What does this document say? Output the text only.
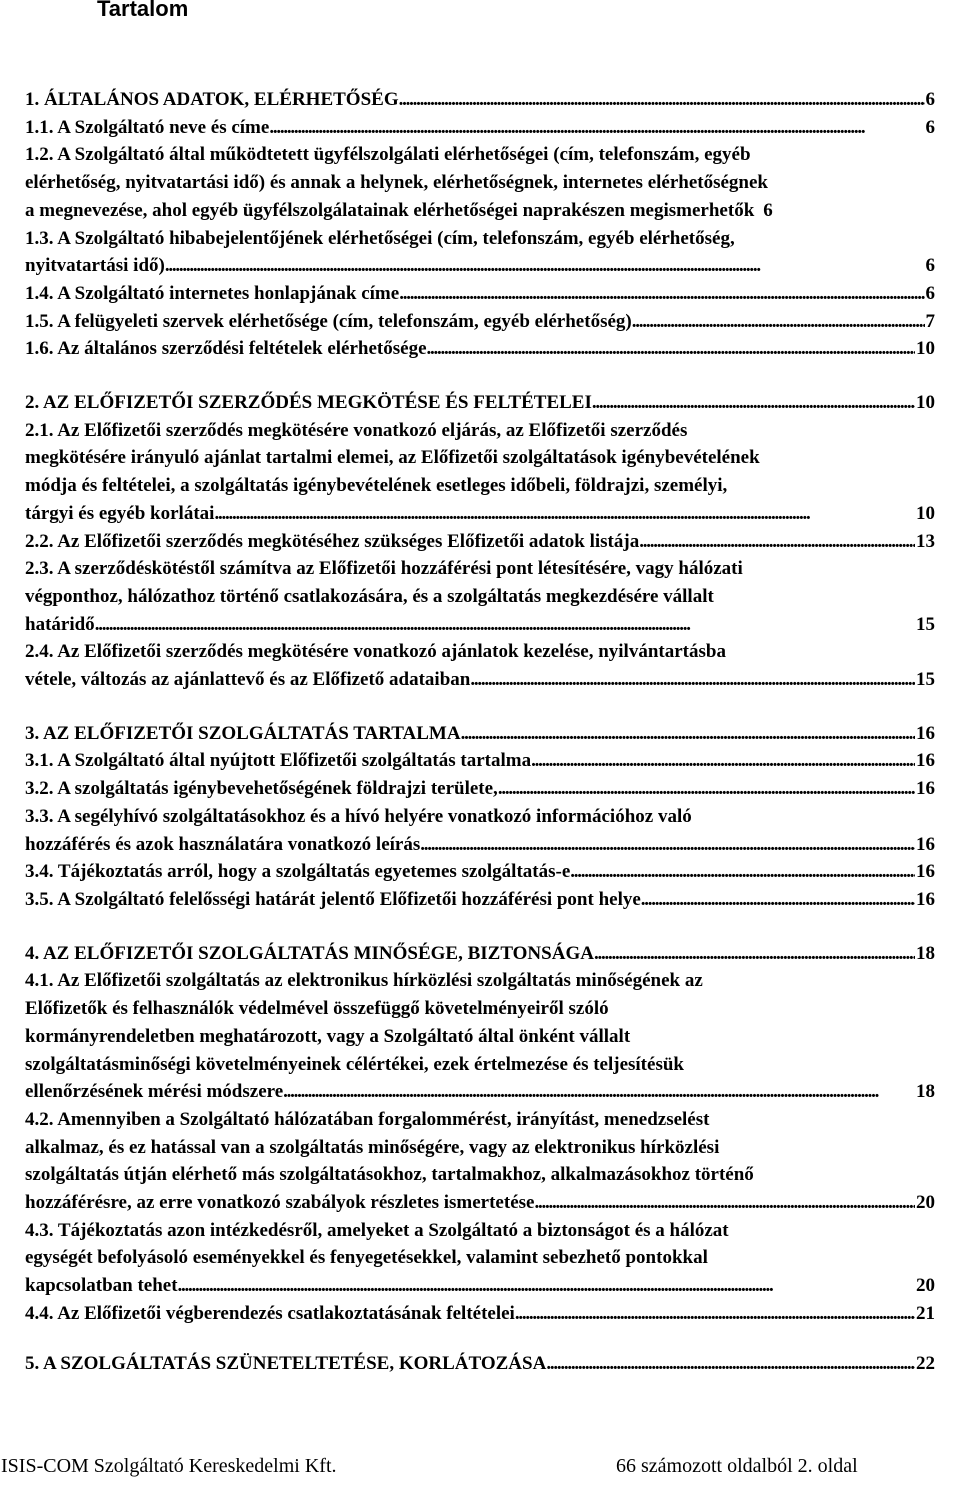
Tartalom
1. ÁLTALÁNOS ADATOK, ELÉRHETŐSÉG . . .	6
1.1. A Szolgáltató neve és címe . . .	6
1.2. A Szolgáltató által működtetett ügyfélszolgálati elérhetőségei (cím, telefonszám, egyéb
elérhetőség, nyitvatartási idő) és annak a helynek, elérhetőségnek, internetes elérhetőségnek
a megnevezése, ahol egyéb ügyfélszolgálatainak elérhetőségei naprakészen megismerhetők 6
1.3. A Szolgáltató hibabejelentőjének elérhetőségei (cím, telefonszám, egyéb elérhetőség,
nyitvatartási idő) . . .	6
1.4. A Szolgáltató internetes honlapjának címe . . .	6
1.5. A felügyeleti szervek elérhetősége (cím, telefonszám, egyéb elérhetőség) . . .	7
1.6. Az általános szerződési feltételek elérhetősége . . .	10
2. AZ ELŐFIZETŐI SZERZŐDÉS MEGKÖTÉSE ÉS FELTÉTELEI . . .	10
2.1. Az Előfizetői szerződés megkötésére vonatkozó eljárás, az Előfizetői szerződés
megkötésére irányuló ajánlat tartalmi elemei, az Előfizetői szolgáltatások igénybevételének
módja és feltételei, a szolgáltatás igénybevételének esetleges időbeli, földrajzi, személyi,
tárgyi és egyéb korlátai . . .	10
2.2. Az Előfizetői szerződés megkötéséhez szükséges Előfizetői adatok listája . . .	13
2.3. A szerződéskötéstől számítva az Előfizetői hozzáférési pont létesítésére, vagy hálózati
végponthoz, hálózathoz történő csatlakozására, és a szolgáltatás megkezdésére vállalt
határidő . . .	15
2.4. Az Előfizetői szerződés megkötésére vonatkozó ajánlatok kezelése, nyilvántartásba
vétele, változás az ajánlattevő és az Előfizető adataiban . . .	15
3. AZ ELŐFIZETŐI SZOLGÁLTATÁS TARTALMA . . .	16
3.1. A Szolgáltató által nyújtott Előfizetői szolgáltatás tartalma . . .	16
3.2. A szolgáltatás igénybevehetőségének földrajzi területe, . . .	16
3.3. A segélyhívó szolgáltatásokhoz és a hívó helyére vonatkozó információhoz való
hozzáférés és azok használatára vonatkozó leírás . . .	16
3.4. Tájékoztatás arról, hogy a szolgáltatás egyetemes szolgáltatás-e . . .	16
3.5. A Szolgáltató felelősségi határát jelentő Előfizetői hozzáférési pont helye . . .	16
4. AZ ELŐFIZETŐI SZOLGÁLTATÁS MINŐSÉGE, BIZTONSÁGA . . .	18
4.1. Az Előfizetői szolgáltatás az elektronikus hírközlési szolgáltatás minőségének az
Előfizetők és felhasználók védelmével összefüggő követelményeiről szóló
kormányrendeletben meghatározott, vagy a Szolgáltató által önként vállalt
szolgáltatásminőségi követelményeinek célértékei, ezek értelmezése és teljesítésük
ellenőrzésének mérési módszere . . .	18
4.2. Amennyiben a Szolgáltató hálózatában forgalommérést, irányítást, menedzselést
alkalmaz, és ez hatással van a szolgáltatás minőségére, vagy az elektronikus hírközlési
szolgáltatás útján elérhető más szolgáltatásokhoz, tartalmakhoz, alkalmazásokhoz történő
hozzáférésre, az erre vonatkozó szabályok részletes ismertetése . . .	20
4.3. Tájékoztatás azon intézkedésről, amelyeket a Szolgáltató a biztonságot és a hálózat
egységét befolyásoló eseményekkel és fenyegetésekkel, valamint sebezhető pontokkal
kapcsolatban tehet . . .	20
4.4. Az Előfizetői végberendezés csatlakoztatásának feltételei . . .	21
5. A SZOLGÁLTATÁS SZÜNETELTETÉSE, KORLÁTOZÁSA . . .	22
ISIS-COM Szolgáltató Kereskedelmi Kft.	66 számozott oldalból 2. oldal
